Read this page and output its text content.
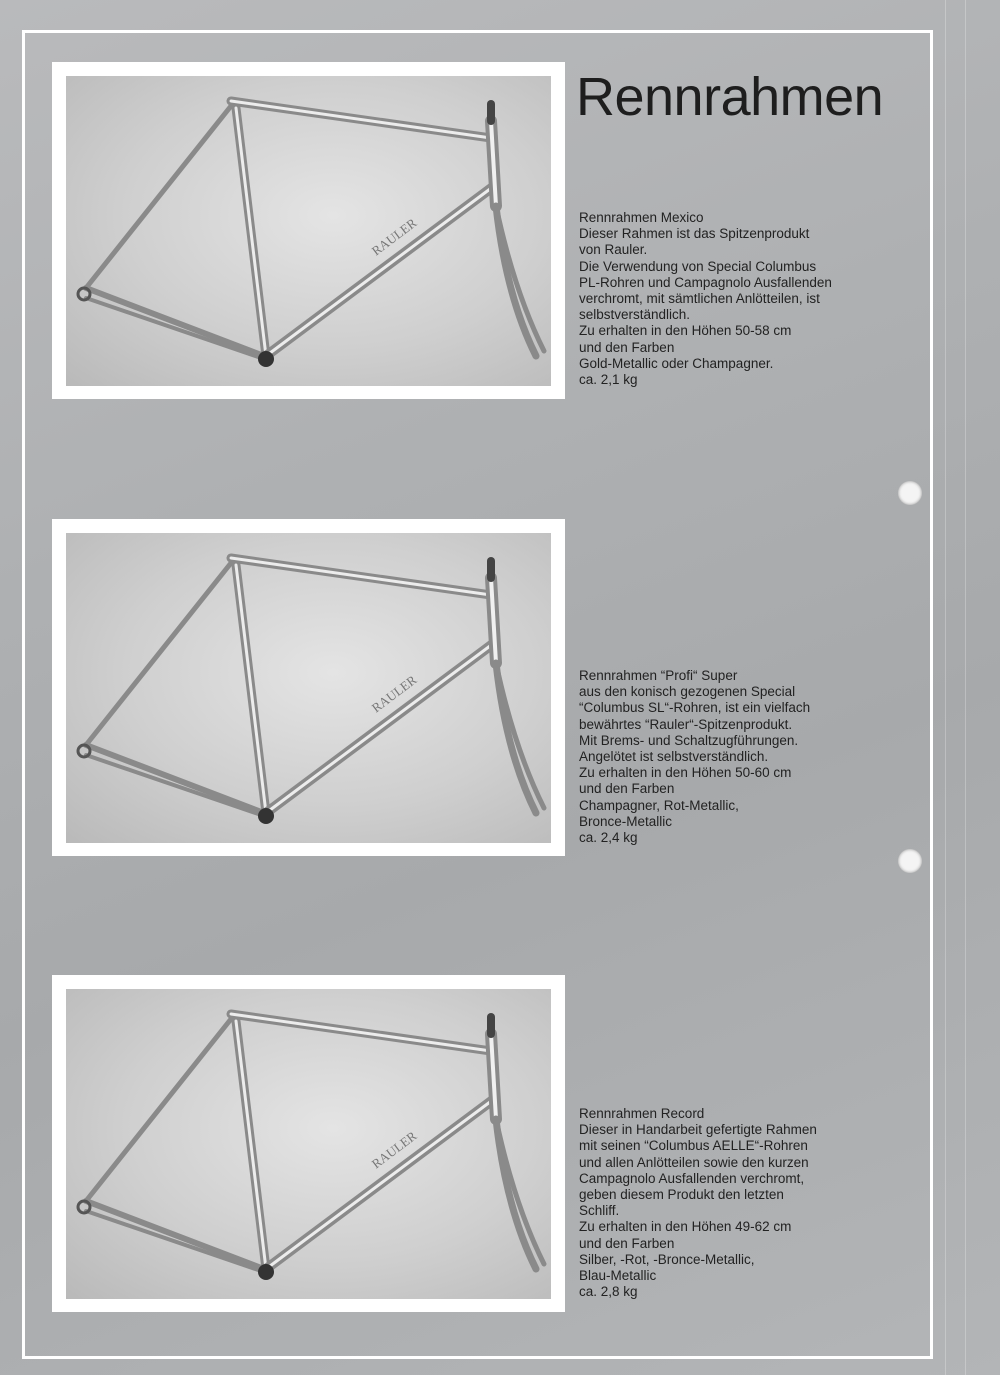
Rennrahmen
RAULER	Rennrahmen Mexico
Dieser Rahmen ist das Spitzenprodukt
von Rauler.
Die Verwendung von Special Columbus
PL-Rohren und Campagnolo Ausfallenden
verchromt, mit sämtlichen Anlötteilen, ist
selbstverständlich.
Zu erhalten in den Höhen 50-58 cm
und den Farben
Gold-Metallic oder Champagner.
ca. 2,1 kg
RAULER	Rennrahmen “Profi“ Super
aus den konisch gezogenen Special
“Columbus SL“-Rohren, ist ein vielfach
bewährtes “Rauler“-Spitzenprodukt.
Mit Brems- und Schaltzugführungen.
Angelötet ist selbstverständlich.
Zu erhalten in den Höhen 50-60 cm
und den Farben
Champagner, Rot-Metallic,
Bronce-Metallic
ca. 2,4 kg
RAULER
Rennrahmen Record
Dieser in Handarbeit gefertigte Rahmen
mit seinen “Columbus AELLE“-Rohren
und allen Anlötteilen sowie den kurzen
Campagnolo Ausfallenden verchromt,
geben diesem Produkt den letzten
Schliff.
Zu erhalten in den Höhen 49-62 cm
und den Farben
Silber, -Rot, -Bronce-Metallic,
Blau-Metallic
ca. 2,8 kg
